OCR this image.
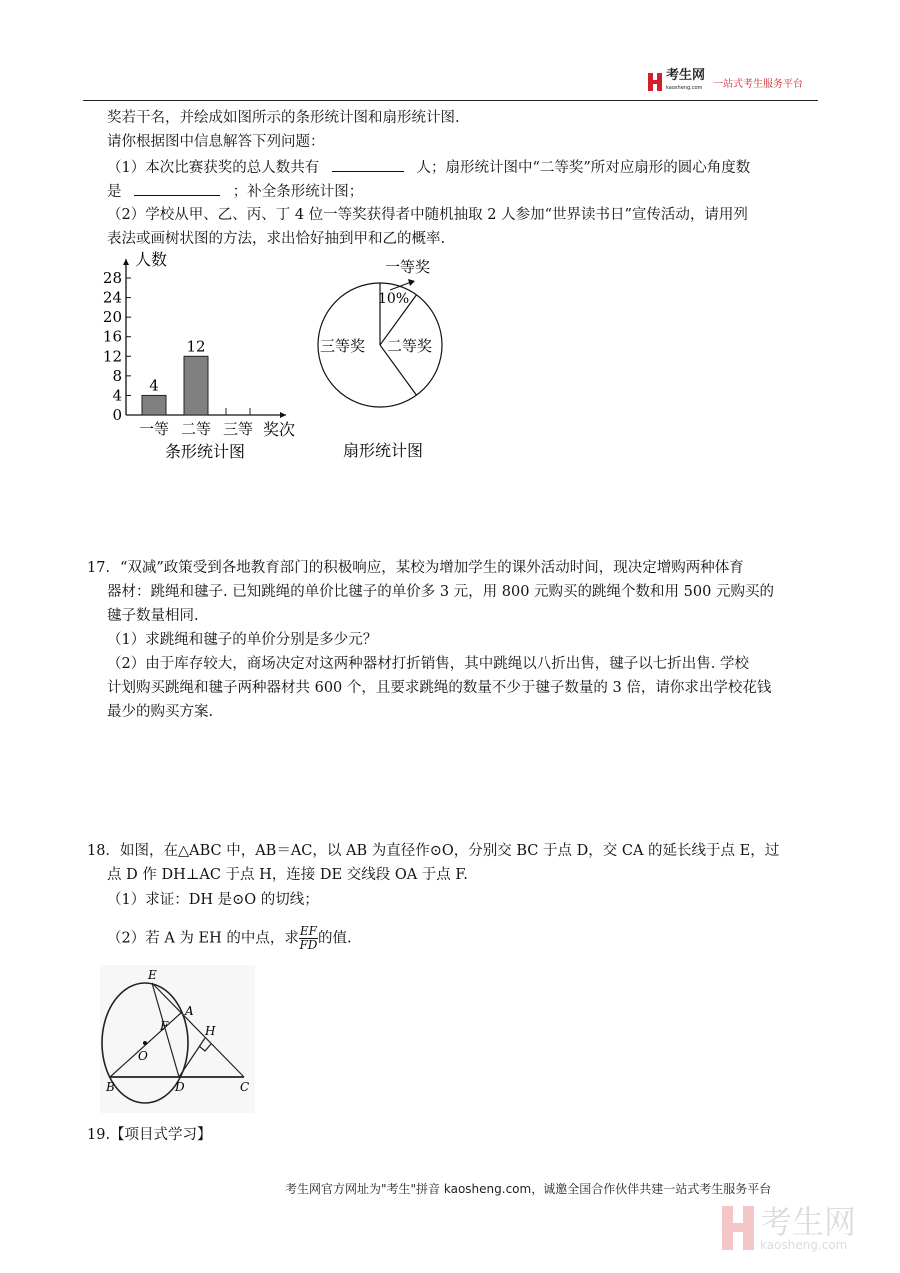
考生网
kaosheng.com 一站式考生服务平台
奖若干名，并绘成如图所示的条形统计图和扇形统计图.
请你根据图中信息解答下列问题：
（1）本次比赛获奖的总人数共有	人；扇形统计图中“二等奖”所对应扇形的圆心角度数
是	；补全条形统计图；
（2）学校从甲、乙、丙、丁 4 位一等奖获得者中随机抽取 2 人参加“世界读书日”宣传活动，请用列
表法或画树状图的方法，求出恰好抽到甲和乙的概率.
0
4
8
12
16
20
24
28
4
一等
12
二等 三等
人数
奖次
条形统计图
10%
一等奖
二等奖
三等奖
扇形统计图
17．“双减”政策受到各地教育部门的积极响应，某校为增加学生的课外活动时间，现决定增购两种体育
器材：跳绳和毽子. 已知跳绳的单价比毽子的单价多 3 元，用 800 元购买的跳绳个数和用 500 元购买的
毽子数量相同.
（1）求跳绳和毽子的单价分别是多少元？
（2）由于库存较大，商场决定对这两种器材打折销售，其中跳绳以八折出售，毽子以七折出售. 学校
计划购买跳绳和毽子两种器材共 600 个，且要求跳绳的数量不少于毽子数量的 3 倍，请你求出学校花钱
最少的购买方案.
18．如图，在△ABC 中，AB＝AC，以 AB 为直径作⊙O，分别交 BC 于点 D，交 CA 的延长线于点 E，过
点 D 作 DH⊥AC 于点 H，连接 DE 交线段 OA 于点 F.
（1）求证：DH 是⊙O 的切线；
（2）若 A 为 EH 的中点，求 $\frac{EF}{FD}$ 的值.
E
A
F	H
O
B	D	C
19.【项目式学习】
考生网官方网址为"考生"拼音 kaosheng.com，诚邀全国合作伙伴共建一站式考生服务平台
考生网
kaosheng.com
